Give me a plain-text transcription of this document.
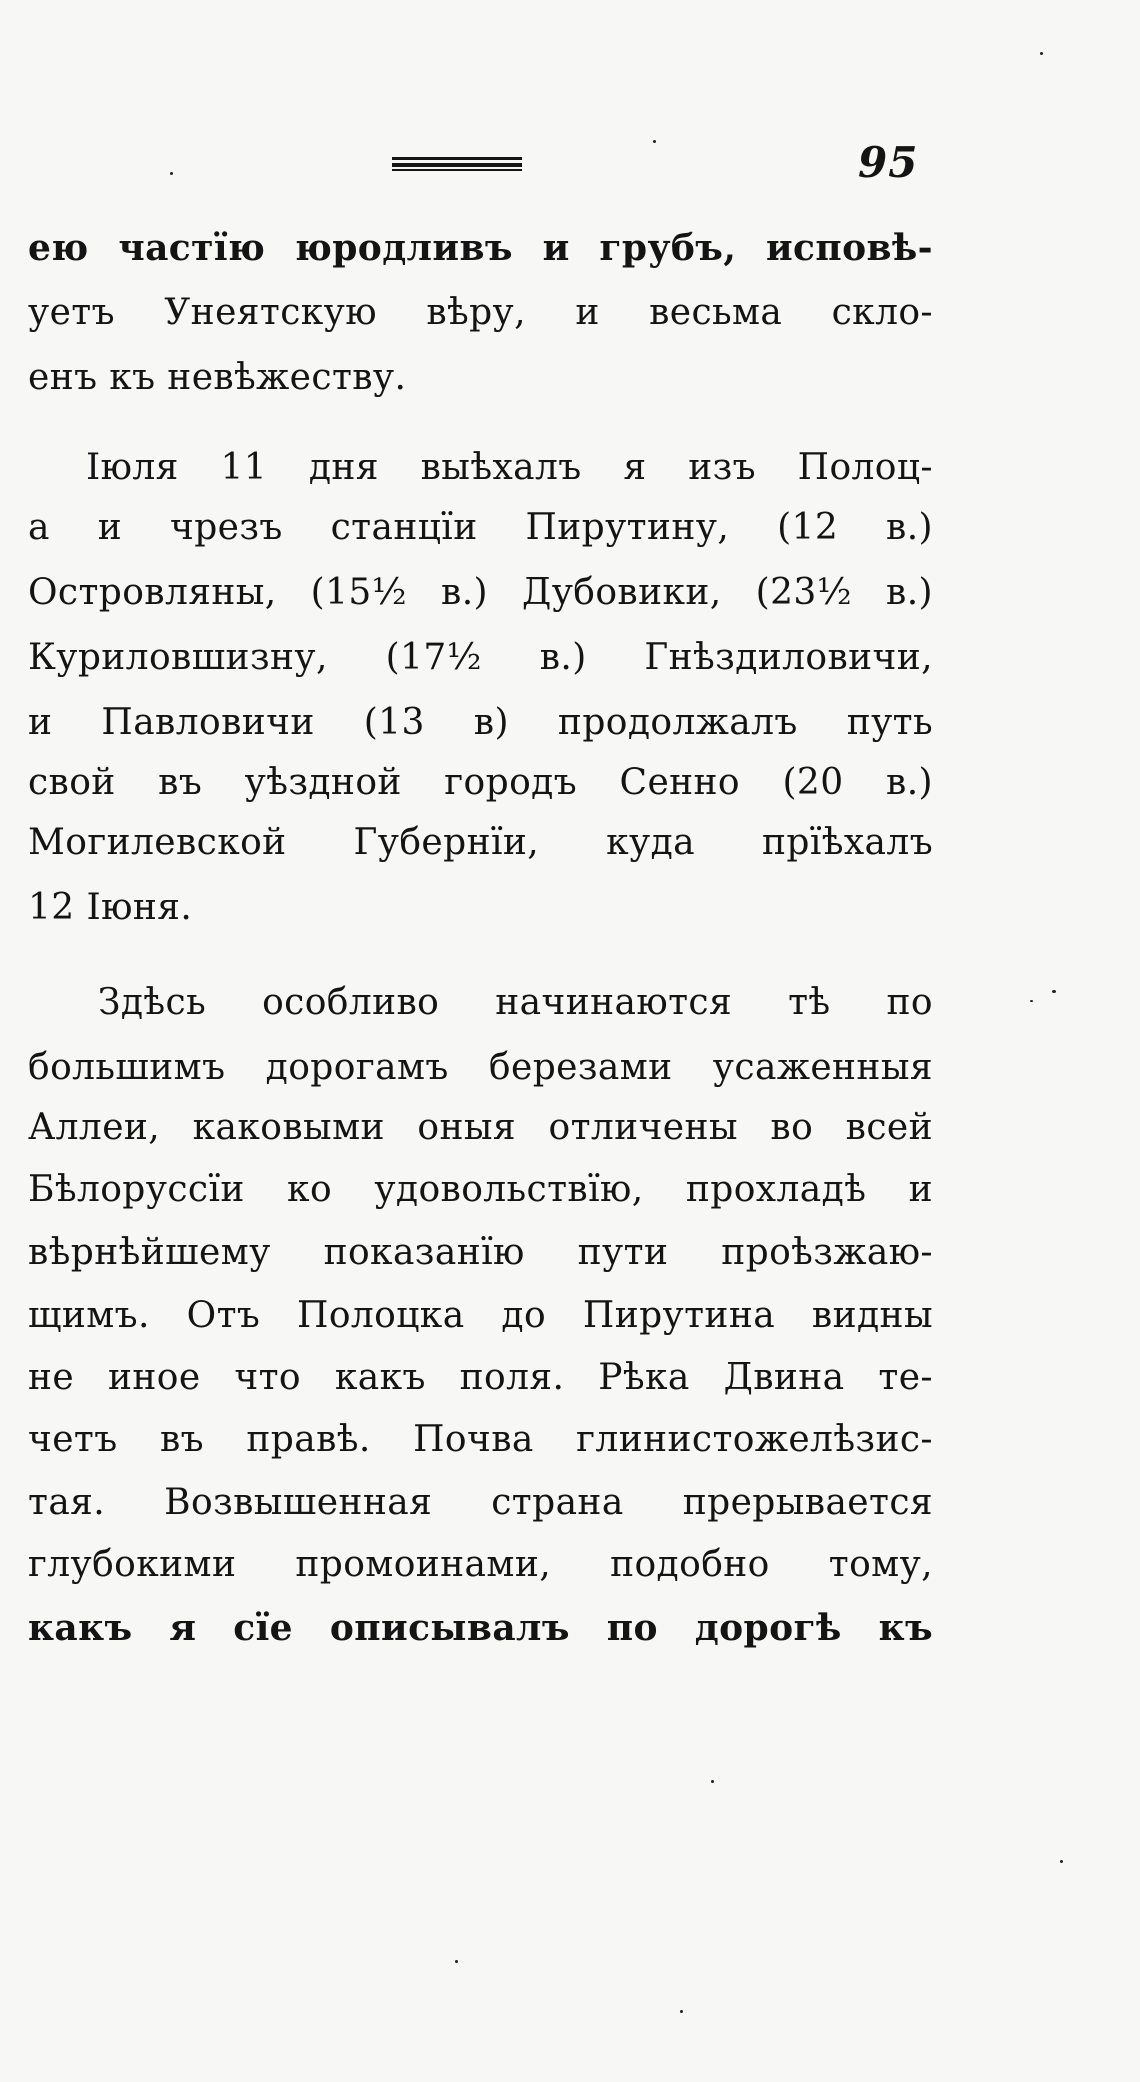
95
ею частїю юродливъ и грубъ, исповѣ-
уетъ Унеятскую вѣру, и весьма скло-
енъ къ невѣжеству.
Іюля 11 дня выѣхалъ я изъ Полоц-
а и чрезъ станцїи Пирутину, (12 в.)
Островляны, (15½ в.) Дубовики, (23½ в.)
Куриловшизну, (17½ в.) Гнѣздиловичи,
и Павловичи (13 в) продолжалъ путь
свой въ уѣздной городъ Сенно (20 в.)
Могилевской Губернїи, куда прїѣхалъ
12 Іюня.
Здѣсь особливо начинаются тѣ по
большимъ дорогамъ березами усаженныя
Аллеи, каковыми оныя отличены во всей
Бѣлоруссїи ко удовольствїю, прохладѣ и
вѣрнѣйшему показанїю пути проѣзжаю-
щимъ. Отъ Полоцка до Пирутина видны
не иное что какъ поля. Рѣка Двина те-
четъ въ правѣ. Почва глинистожелѣзис-
тая. Возвышенная страна прерывается
глубокими промоинами, подобно тому,
какъ я сїе описывалъ по дорогѣ къ
